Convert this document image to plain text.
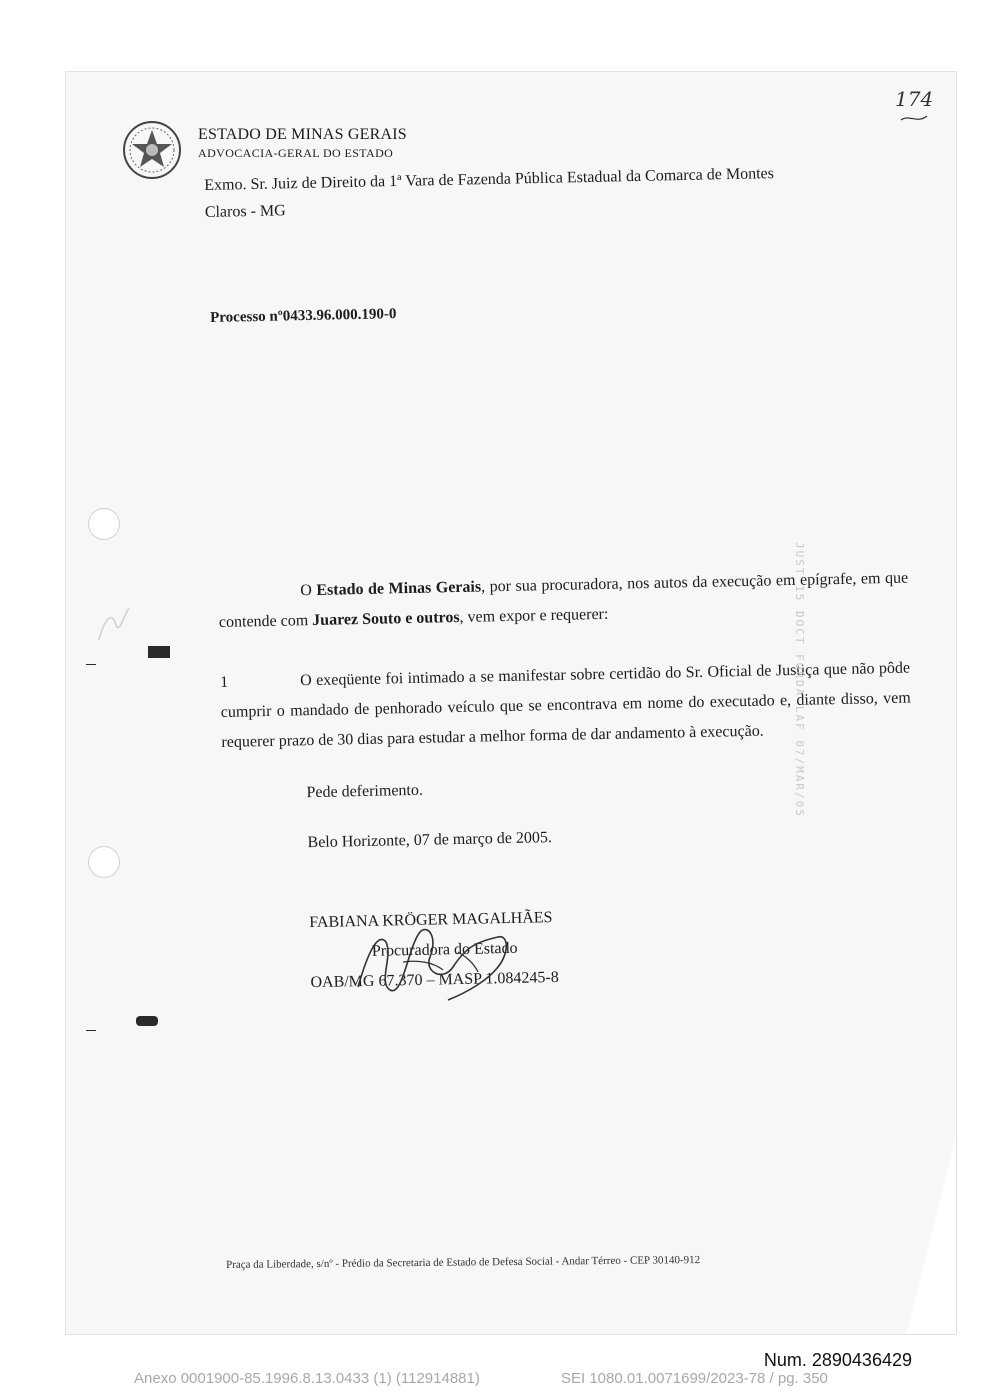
ESTADO DE MINAS GERAIS
ADVOCACIA-GERAL DO ESTADO
Exmo. Sr. Juiz de Direito da 1ª Vara de Fazenda Pública Estadual da Comarca de Montes
Claros - MG
Processo nº0433.96.000.190-0
O Estado de Minas Gerais, por sua procuradora, nos autos da execução em epígrafe, em que contende com Juarez Souto e outros, vem expor e requerer:
1	O exeqüente foi intimado a se manifestar sobre certidão do Sr. Oficial de Justiça que não pôde cumprir o mandado de penhorado veículo que se encontrava em nome do executado e, diante disso, vem requerer prazo de 30 dias para estudar a melhor forma de dar andamento à execução.
Pede deferimento.
Belo Horizonte, 07 de março de 2005.
FABIANA KRÖGER MAGALHÃES
Procuradora do Estado
OAB/MG 67.370 – MASP 1.084245-8
174
JUST 15 DOCT FORDA LAF 07/MAR/05
Praça da Liberdade, s/nº - Prédio da Secretaria de Estado de Defesa Social - Andar Térreo - CEP 30140-912
Num. 2890436429
Anexo 0001900-85.1996.8.13.0433 (1) (112914881)	SEI 1080.01.0071699/2023-78 / pg. 350
